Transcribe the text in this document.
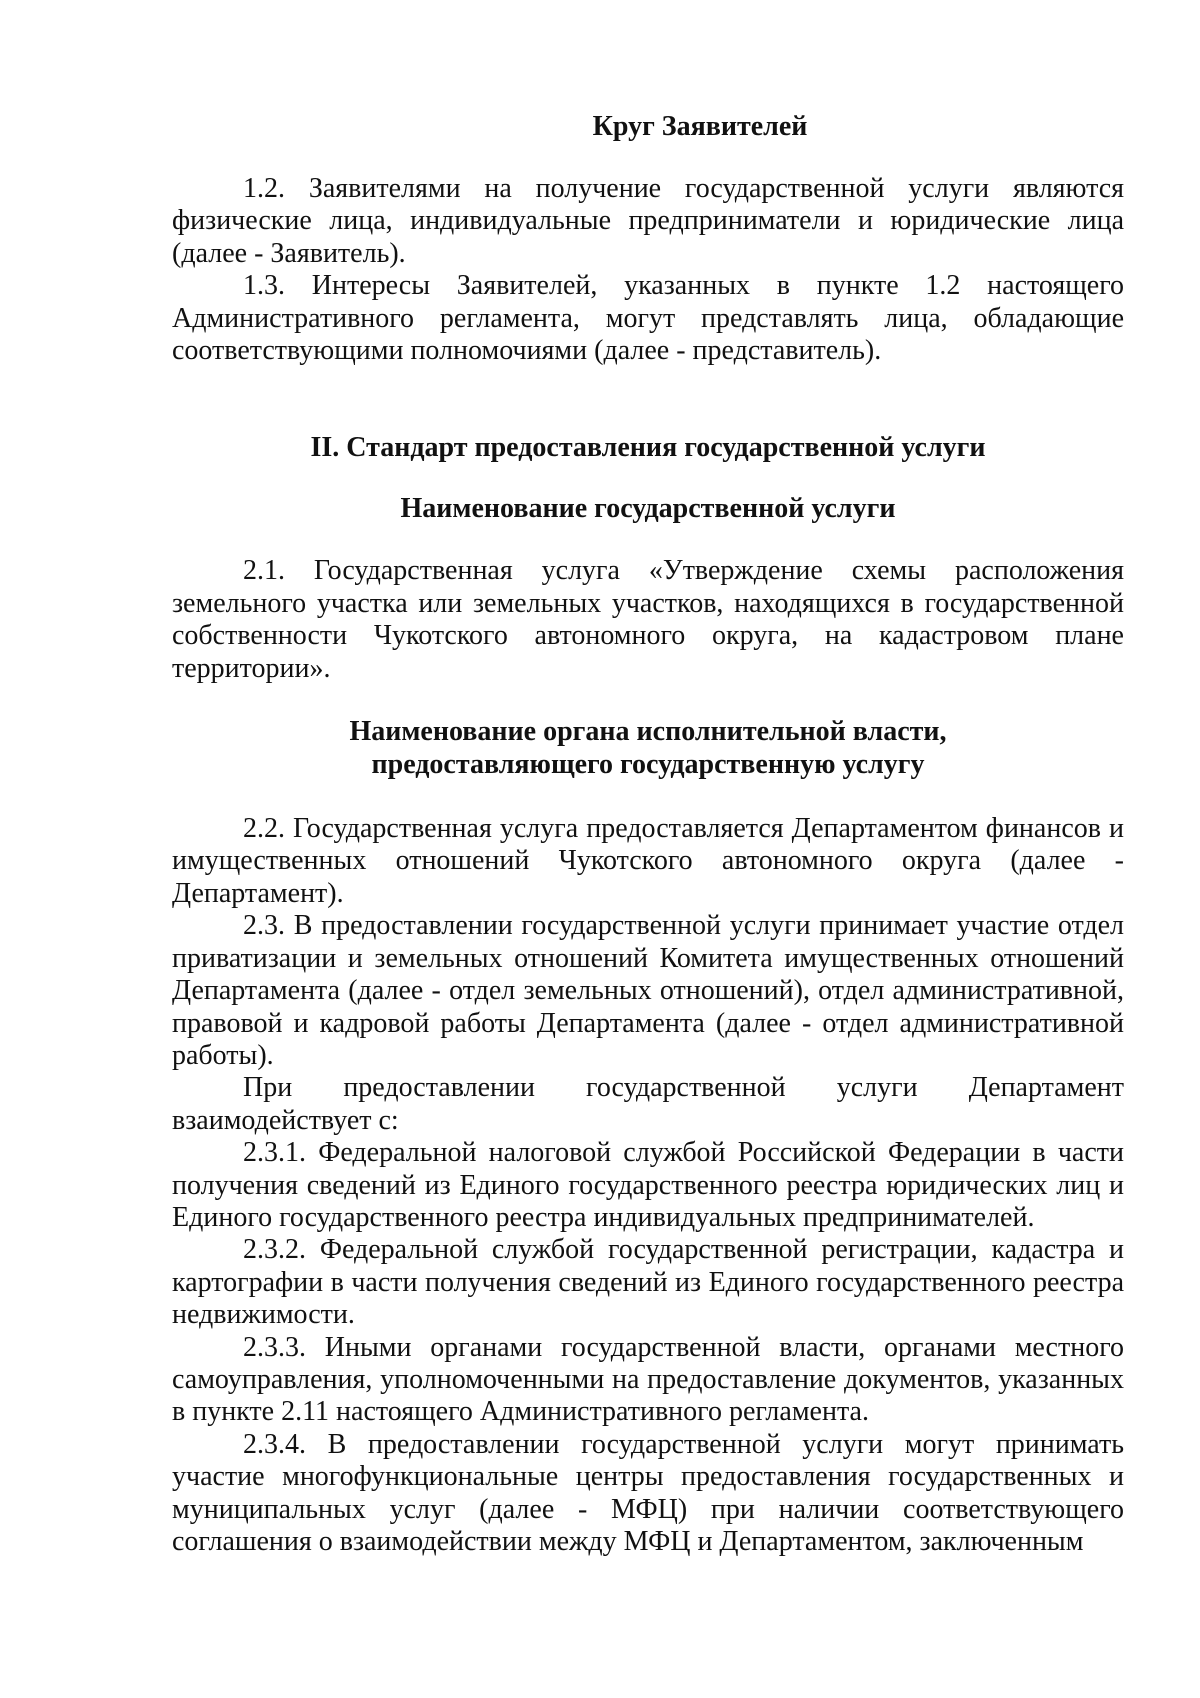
Круг Заявителей

1.2. Заявителями на получение государственной услуги являются физические лица, индивидуальные предприниматели и юридические лица (далее - Заявитель).

1.3. Интересы Заявителей, указанных в пункте 1.2 настоящего Административного регламента, могут представлять лица, обладающие соответствующими полномочиями (далее - представитель).

II. Стандарт предоставления государственной услуги

Наименование государственной услуги

2.1. Государственная услуга «Утверждение схемы расположения земельного участка или земельных участков, находящихся в государственной собственности Чукотского автономного округа, на кадастровом плане территории».

Наименование органа исполнительной власти,
предоставляющего государственную услугу

2.2. Государственная услуга предоставляется Департаментом финансов и имущественных отношений Чукотского автономного округа (далее - Департамент).

2.3. В предоставлении государственной услуги принимает участие отдел приватизации и земельных отношений Комитета имущественных отношений Департамента (далее - отдел земельных отношений), отдел административной, правовой и кадровой работы Департамента (далее - отдел административной работы).

При предоставлении государственной услуги Департамент взаимодействует с:

2.3.1. Федеральной налоговой службой Российской Федерации в части получения сведений из Единого государственного реестра юридических лиц и Единого государственного реестра индивидуальных предпринимателей.

2.3.2. Федеральной службой государственной регистрации, кадастра и картографии в части получения сведений из Единого государственного реестра недвижимости.

2.3.3. Иными органами государственной власти, органами местного самоуправления, уполномоченными на предоставление документов, указанных в пункте 2.11 настоящего Административного регламента.

2.3.4. В предоставлении государственной услуги могут принимать участие многофункциональные центры предоставления государственных и муниципальных услуг (далее - МФЦ) при наличии соответствующего соглашения о взаимодействии между МФЦ и Департаментом, заключенным
